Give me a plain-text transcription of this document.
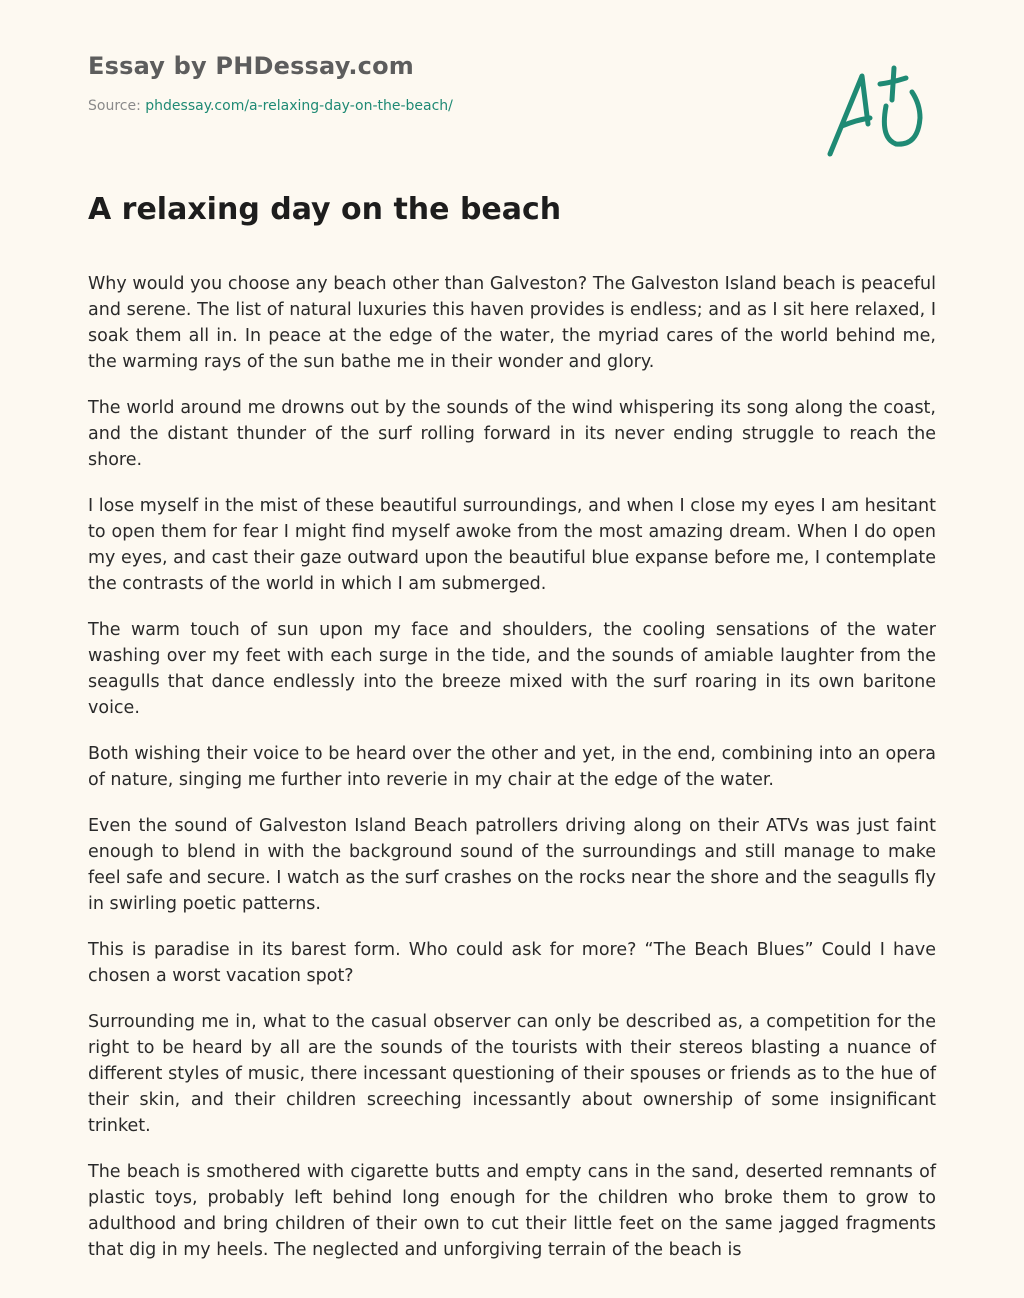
Essay by PHDessay.com
Source: phdessay.com/a-relaxing-day-on-the-beach/
A relaxing day on the beach

Why would you choose any beach other than Galveston? The Galveston Island beach is peaceful and serene. The list of natural luxuries this haven provides is endless; and as I sit here relaxed, I soak them all in. In peace at the edge of the water, the myriad cares of the world behind me, the warming rays of the sun bathe me in their wonder and glory.

The world around me drowns out by the sounds of the wind whispering its song along the coast, and the distant thunder of the surf rolling forward in its never ending struggle to reach the shore.

I lose myself in the mist of these beautiful surroundings, and when I close my eyes I am hesitant to open them for fear I might find myself awoke from the most amazing dream. When I do open my eyes, and cast their gaze outward upon the beautiful blue expanse before me, I contemplate the contrasts of the world in which I am submerged.

The warm touch of sun upon my face and shoulders, the cooling sensations of the water washing over my feet with each surge in the tide, and the sounds of amiable laughter from the seagulls that dance endlessly into the breeze mixed with the surf roaring in its own baritone voice.

Both wishing their voice to be heard over the other and yet, in the end, combining into an opera of nature, singing me further into reverie in my chair at the edge of the water.

Even the sound of Galveston Island Beach patrollers driving along on their ATVs was just faint enough to blend in with the background sound of the surroundings and still manage to make feel safe and secure. I watch as the surf crashes on the rocks near the shore and the seagulls fly in swirling poetic patterns.

This is paradise in its barest form. Who could ask for more? “The Beach Blues” Could I have chosen a worst vacation spot?

Surrounding me in, what to the casual observer can only be described as, a competition for the right to be heard by all are the sounds of the tourists with their stereos blasting a nuance of different styles of music, there incessant questioning of their spouses or friends as to the hue of their skin, and their children screeching incessantly about ownership of some insignificant trinket.

The beach is smothered with cigarette butts and empty cans in the sand, deserted remnants of plastic toys, probably left behind long enough for the children who broke them to grow to adulthood and bring children of their own to cut their little feet on the same jagged fragments that dig in my heels. The neglected and unforgiving terrain of the beach is
